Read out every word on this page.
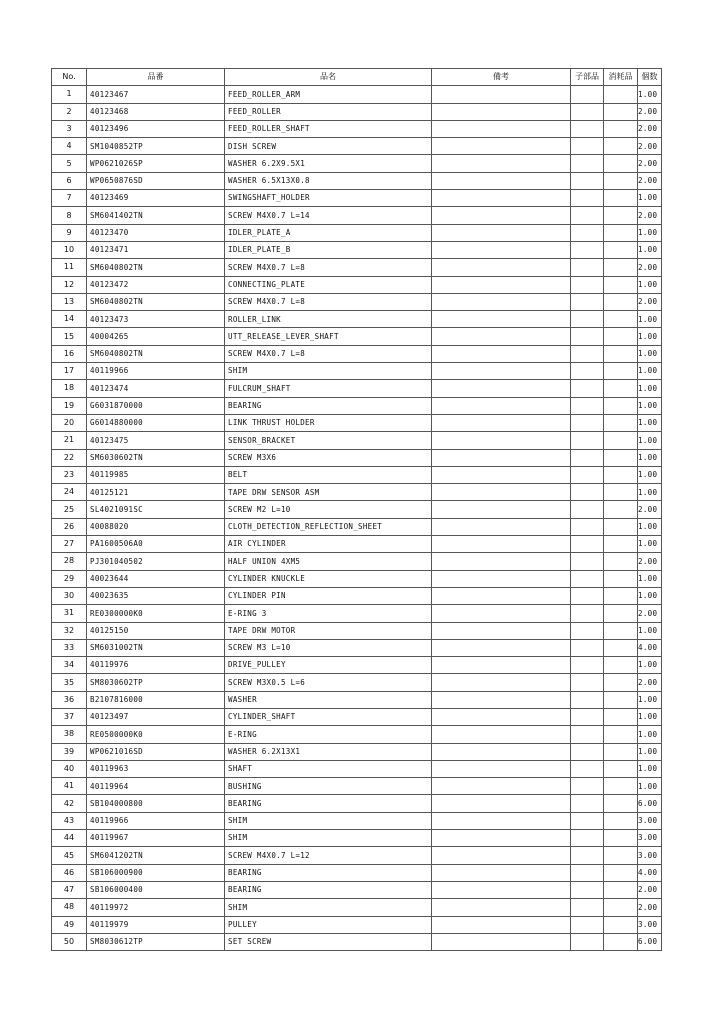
No.	品番	品名	備考	子部品	消耗品	個数
1	40123467	FEED_ROLLER_ARM				1.00
2	40123468	FEED_ROLLER				2.00
3	40123496	FEED_ROLLER_SHAFT				2.00
4	SM1040852TP	DISH SCREW				2.00
5	WP0621026SP	WASHER 6.2X9.5X1				2.00
6	WP0650876SD	WASHER 6.5X13X0.8				2.00
7	40123469	SWINGSHAFT_HOLDER				1.00
8	SM6041402TN	SCREW M4X0.7 L=14				2.00
9	40123470	IDLER_PLATE_A				1.00
10	40123471	IDLER_PLATE_B				1.00
11	SM6040802TN	SCREW M4X0.7 L=8				2.00
12	40123472	CONNECTING_PLATE				1.00
13	SM6040802TN	SCREW M4X0.7 L=8				2.00
14	40123473	ROLLER_LINK				1.00
15	40004265	UTT_RELEASE_LEVER_SHAFT				1.00
16	SM6040802TN	SCREW M4X0.7 L=8				1.00
17	40119966	SHIM				1.00
18	40123474	FULCRUM_SHAFT				1.00
19	G6031870000	BEARING				1.00
20	G6014880000	LINK THRUST HOLDER				1.00
21	40123475	SENSOR_BRACKET				1.00
22	SM6030602TN	SCREW M3X6				1.00
23	40119985	BELT				1.00
24	40125121	TAPE DRW SENSOR ASM				1.00
25	SL4021091SC	SCREW M2 L=10				2.00
26	40088020	CLOTH_DETECTION_REFLECTION_SHEET				1.00
27	PA1600506A0	AIR CYLINDER				1.00
28	PJ301040502	HALF UNION 4XM5				2.00
29	40023644	CYLINDER KNUCKLE				1.00
30	40023635	CYLINDER PIN				1.00
31	RE0300000K0	E-RING 3				2.00
32	40125150	TAPE DRW MOTOR				1.00
33	SM6031002TN	SCREW M3 L=10				4.00
34	40119976	DRIVE_PULLEY				1.00
35	SM8030602TP	SCREW M3X0.5 L=6				2.00
36	B2107816000	WASHER				1.00
37	40123497	CYLINDER_SHAFT				1.00
38	RE0500000K0	E-RING				1.00
39	WP0621016SD	WASHER 6.2X13X1				1.00
40	40119963	SHAFT				1.00
41	40119964	BUSHING				1.00
42	SB104000800	BEARING				6.00
43	40119966	SHIM				3.00
44	40119967	SHIM				3.00
45	SM6041202TN	SCREW M4X0.7 L=12				3.00
46	SB106000900	BEARING				4.00
47	SB106000400	BEARING				2.00
48	40119972	SHIM				2.00
49	40119979	PULLEY				3.00
50	SM8030612TP	SET SCREW				6.00
